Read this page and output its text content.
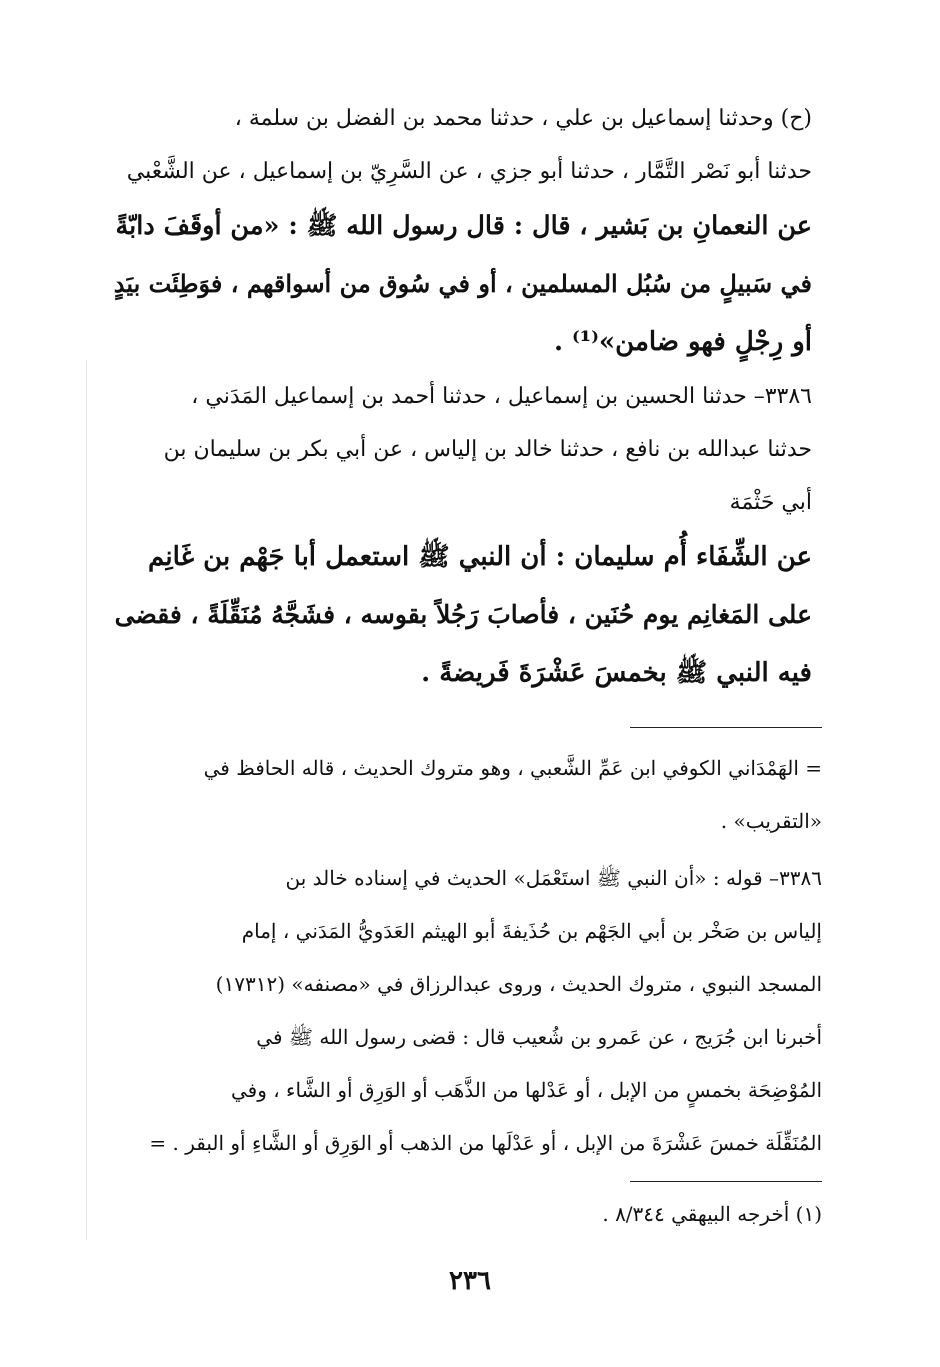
(ح) وحدثنا إسماعيل بن علي ، حدثنا محمد بن الفضل بن سلمة ،

حدثنا أبو نَصْر التَّمَّار ، حدثنا أبو جزي ، عن السَّرِيّ بن إسماعيل ، عن الشَّعْبي

عن النعمانِ بن بَشير ، قال : قال رسول الله ﷺ : «من أوقَفَ دابّةً

في سَبيلٍ من سُبُل المسلمين ، أو في سُوق من أسواقهم ، فوَطِئَت بيَدٍ

أو رِجْلٍ فهو ضامن»⁽¹⁾ .

٣٣٨٦– حدثنا الحسين بن إسماعيل ، حدثنا أحمد بن إسماعيل المَدَني ،

حدثنا عبدالله بن نافع ، حدثنا خالد بن إلياس ، عن أبي بكر بن سليمان بن

أبي حَثْمَة

عن الشِّفَاء أُم سليمان : أن النبي ﷺ استعمل أبا جَهْم بن غَانِم

على المَغانِم يوم حُنَين ، فأصابَ رَجُلاً بقوسه ، فشَجَّهُ مُنَقِّلَةً ، فقضى

فيه النبي ﷺ بخمسَ عَشْرَةَ فَريضةً .

= الهَمْدَاني الكوفي ابن عَمِّ الشَّعبي ، وهو متروك الحديث ، قاله الحافظ في

«التقريب» .

٣٣٨٦– قوله : «أن النبي ﷺ استَعْمَل» الحديث في إسناده خالد بن

إلياس بن صَخْر بن أبي الجَهْم بن حُذَيفةَ أبو الهيثم العَدَويُّ المَدَني ، إمام

المسجد النبوي ، متروك الحديث ، وروى عبدالرزاق في «مصنفه» (١٧٣١٢)

أخبرنا ابن جُرَيج ، عن عَمرو بن شُعيب قال : قضى رسول الله ﷺ في

المُوْضِحَة بخمسٍ من الإبل ، أو عَدْلها من الذَّهَب أو الوَرِق أو الشَّاء ، وفي

المُنَقِّلَة خمسَ عَشْرَةَ من الإبل ، أو عَدْلَها من الذهب أو الوَرِق أو الشَّاءِ أو البقر . =

(١) أخرجه البيهقي ٨/٣٤٤ .

٢٣٦
